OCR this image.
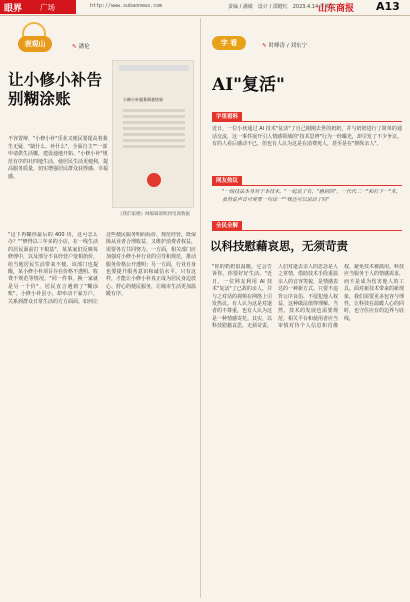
眼界 广场	http://www.subaonews.com	责编 / 潘敏　设计 / 邵健红　2023.4.14 星期五
山东商报 A13
表观山	✎ 潘伦
让小修小补告别糊涂账	小修小补服务调查结果
《我们家楼》网编辑部购到电商数据
不容置辩，"小修小补"乐业又便民要提高着我生无疑、"缺什么、补什么"，全面自主""一部申请供生活哪，建设通地开拓、"小修小补"规范有序的社四地生活，使居民生活更便利，提高服务质量，切实增强居民群众获得感、幸福感。
"这下再糊你最后的 400 块，这可怎么办？""修得以三年多的小店，在一线生活的居民面前打下根基"，某某家们反映每修理中，以及部分不良经营户变相抬价，给当地居民生活带来不便。该部门也提醒，某小修小补项目存在价格不透明、收费不规范等情况。"同一件事，换一家就是另一个价"，居民直言遇到了"糊涂账"。小修小补虽小，却牵动千家万户，关系到群众日常生活的方方面面。如何让这些便民服务明码标价、规范经营，既保障从业者合理收益，又维护消费者权益，需要各方共同努力。一方面，相关部门应加强对小修小补行业的引导和规范，推动服务价格公开透明；另一方面，行业自身也要提升服务意识和诚信水平。只有这样，才能让小修小补真正成为居民身边放心、舒心的便民服务，让城市生活更加温暖有序。
字 看	✎ 时峰涛 / 刘东宁
AI"复活"
字里看料
近日，一位小伙通过 AI 技术"复活"了自己刚刚去世的奶奶，并与奶奶进行了简单的通话交流，这一事件展开引人情感领域的"技术思辨"行为一经曝光，却引发了不少争议。有的人看后感动不已，但也有人认为这是在消费死人，甚至是在"倒纵亲人"。
网友热议
"一线技法本身对于本技术，"一起说了有，"感到的"，一代代二一"和打下一"本，虽然说声音可爱要一句话一""我还可以说话了吗"
全民全解
以科技慰藉哀思，无须苛责
"你的奶奶很温暖，它会告诉你，你要好好生活。"近日，一位网友利用 AI 技术"复活"了已故的亲人，并与之对话的视频在网络上引发热议。有人认为这是对逝者的不尊重，也有人认为这是一种情感寄托。其实，以科技慰藉哀思，无须苛责。人们对逝去亲人的思念是人之常情，借助技术手段重温亲人的音容笑貌，是情感表达的一种新方式。只要不违背公序良俗、不侵犯他人权益，这种做法值得理解。当然，技术的发展也需要规范，相关平台和使用者应当审慎对待个人信息和肖像权，避免技术被滥用。科技应当服务于人的情感需求，而不是成为伤害他人的工具。面对新技术带来的新现象，我们需要更多包容与理性，让科技在温暖人心的同时，也守住应有的边界与底线。
